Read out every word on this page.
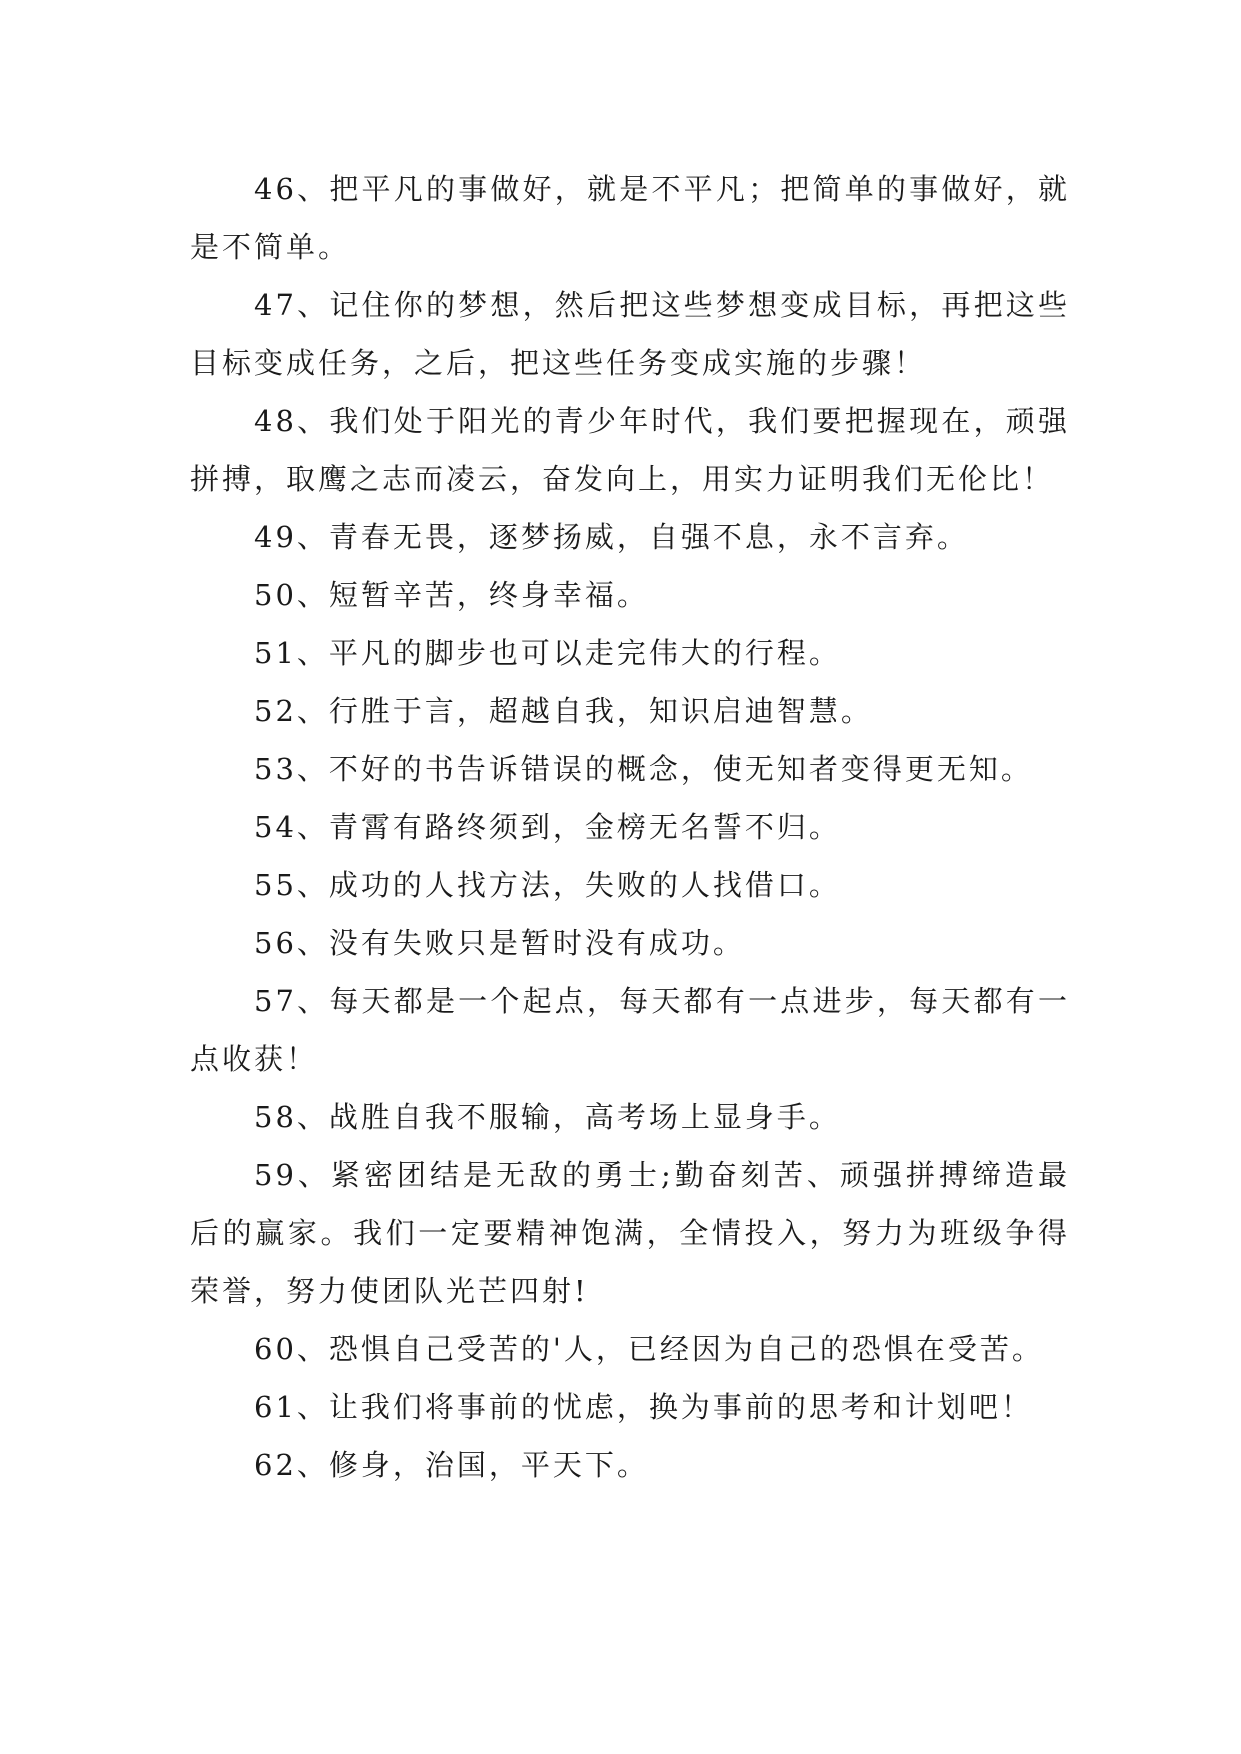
46、把平凡的事做好，就是不平凡；把简单的事做好，就是不简单。

47、记住你的梦想，然后把这些梦想变成目标，再把这些目标变成任务，之后，把这些任务变成实施的步骤！

48、我们处于阳光的青少年时代，我们要把握现在，顽强拼搏，取鹰之志而凌云，奋发向上，用实力证明我们无伦比！

49、青春无畏，逐梦扬威，自强不息，永不言弃。

50、短暂辛苦，终身幸福。

51、平凡的脚步也可以走完伟大的行程。

52、行胜于言，超越自我，知识启迪智慧。

53、不好的书告诉错误的概念，使无知者变得更无知。

54、青霄有路终须到，金榜无名誓不归。

55、成功的人找方法，失败的人找借口。

56、没有失败只是暂时没有成功。

57、每天都是一个起点，每天都有一点进步，每天都有一点收获！

58、战胜自我不服输，高考场上显身手。

59、紧密团结是无敌的勇士;勤奋刻苦、顽强拼搏缔造最后的赢家。我们一定要精神饱满，全情投入，努力为班级争得荣誉，努力使团队光芒四射!

60、恐惧自己受苦的'人，已经因为自己的恐惧在受苦。

61、让我们将事前的忧虑，换为事前的思考和计划吧！

62、修身，治国，平天下。
